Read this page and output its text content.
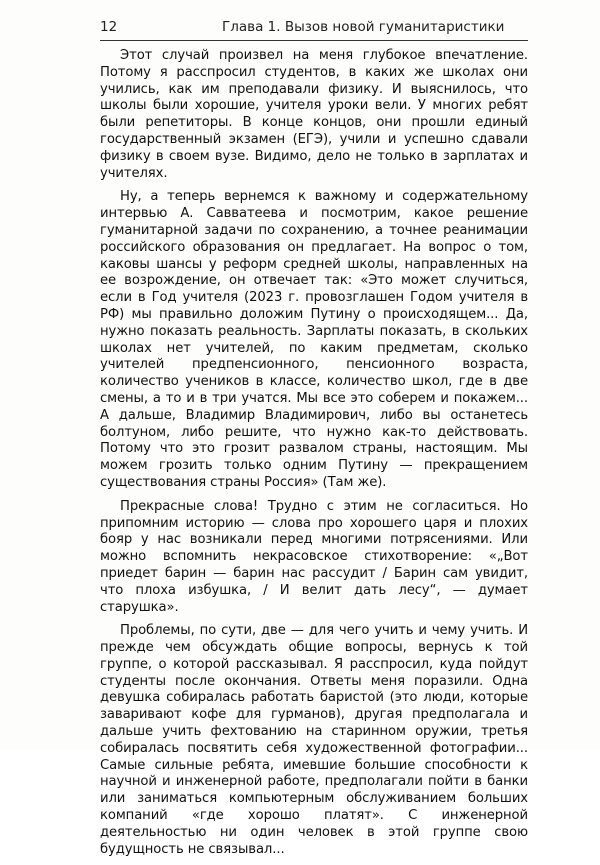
12	Глава 1. Вызов новой гуманитаристики

Этот случай произвел на меня глубокое впечатление. Потому я расспросил студентов, в каких же школах они учились, как им преподавали физику. И выяснилось, что школы были хорошие, учителя уроки вели. У многих ребят были репетиторы. В конце концов, они прошли единый государственный экзамен (ЕГЭ), учили и успешно сдавали физику в своем вузе. Видимо, дело не только в зарплатах и учителях.

Ну, а теперь вернемся к важному и содержательному интервью А. Савватеева и посмотрим, какое решение гуманитарной задачи по сохранению, а точнее реанимации российского образования он предлагает. На вопрос о том, каковы шансы у реформ средней школы, направленных на ее возрождение, он отвечает так: «Это может случиться, если в Год учителя (2023 г. провозглашен Годом учителя в РФ) мы правильно доложим Путину о происходящем... Да, нужно показать реальность. Зарплаты показать, в скольких школах нет учителей, по каким предметам, сколько учителей предпенсионного, пенсионного возраста, количество учеников в классе, количество школ, где в две смены, а то и в три учатся. Мы все это соберем и покажем... А дальше, Владимир Владимирович, либо вы останетесь болтуном, либо решите, что нужно как-то действовать. Потому что это грозит развалом страны, настоящим. Мы можем грозить только одним Путину — прекращением существования страны Россия» (Там же).

Прекрасные слова! Трудно с этим не согласиться. Но припомним историю — слова про хорошего царя и плохих бояр у нас возникали перед многими потрясениями. Или можно вспомнить некрасовское стихотворение: «„Вот приедет барин — барин нас рассудит / Барин сам увидит, что плоха избушка, / И велит дать лесу“, — думает старушка».

Проблемы, по сути, две — для чего учить и чему учить. И прежде чем обсуждать общие вопросы, вернусь к той группе, о которой рассказывал. Я расспросил, куда пойдут студенты после окончания. Ответы меня поразили. Одна девушка собиралась работать баристой (это люди, которые заваривают кофе для гурманов), другая предполагала и дальше учить фехтованию на старинном оружии, третья собиралась посвятить себя художественной фотографии... Самые сильные ребята, имевшие большие способности к научной и инженерной работе, предполагали пойти в банки или заниматься компьютерным обслуживанием больших компаний «где хорошо платят». С инженерной деятельностью ни один человек в этой группе свою будущность не связывал...
